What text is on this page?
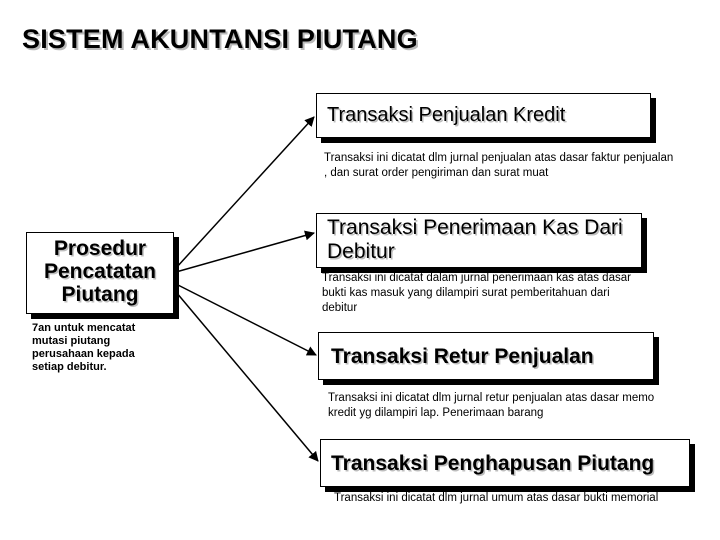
SISTEM AKUNTANSI PIUTANG
Prosedur
Pencatatan
Piutang
7an untuk mencatat mutasi piutang perusahaan kepada setiap debitur.
Transaksi Penjualan Kredit
Transaksi ini dicatat dlm jurnal penjualan atas dasar faktur penjualan , dan surat order pengiriman dan surat muat
Transaksi Penerimaan Kas Dari Debitur
Transaksi ini dicatat dalam jurnal penerimaan kas atas dasar bukti kas masuk yang dilampiri surat pemberitahuan dari debitur
Transaksi Retur Penjualan
Transaksi ini dicatat dlm jurnal retur penjualan atas dasar memo kredit yg dilampiri lap. Penerimaan barang
Transaksi Penghapusan Piutang
Transaksi ini dicatat dlm jurnal umum atas dasar bukti memorial
